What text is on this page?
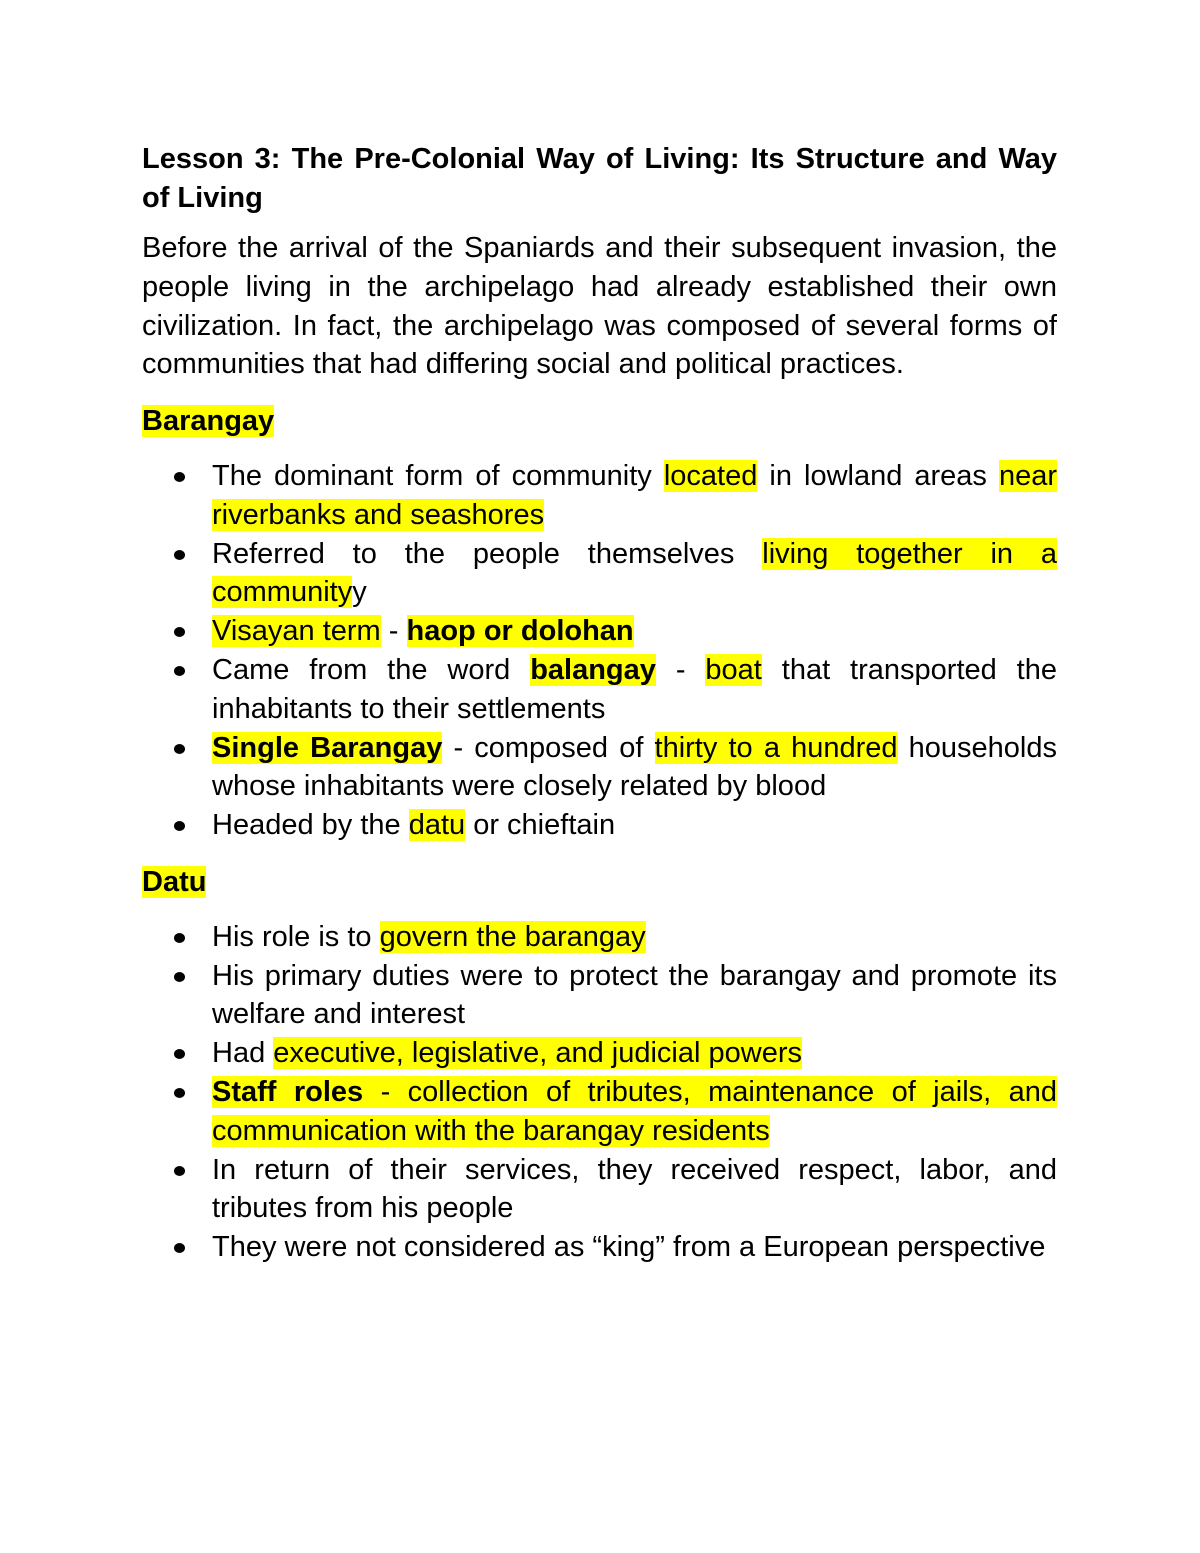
Lesson 3: The Pre-Colonial Way of Living: Its Structure and Way of Living

Before the arrival of the Spaniards and their subsequent invasion, the people living in the archipelago had already established their own civilization. In fact, the archipelago was composed of several forms of communities that had differing social and political practices.

Barangay
The dominant form of community located in lowland areas near riverbanks and seashores
Referred to the people themselves living together in a communityy
Visayan term - haop or dolohan
Came from the word balangay - boat that transported the inhabitants to their settlements
Single Barangay - composed of thirty to a hundred households whose inhabitants were closely related by blood
Headed by the datu or chieftain
Datu
His role is to govern the barangay
His primary duties were to protect the barangay and promote its welfare and interest
Had executive, legislative, and judicial powers
Staff roles - collection of tributes, maintenance of jails, and communication with the barangay residents
In return of their services, they received respect, labor, and tributes from his people
They were not considered as “king” from a European perspective
